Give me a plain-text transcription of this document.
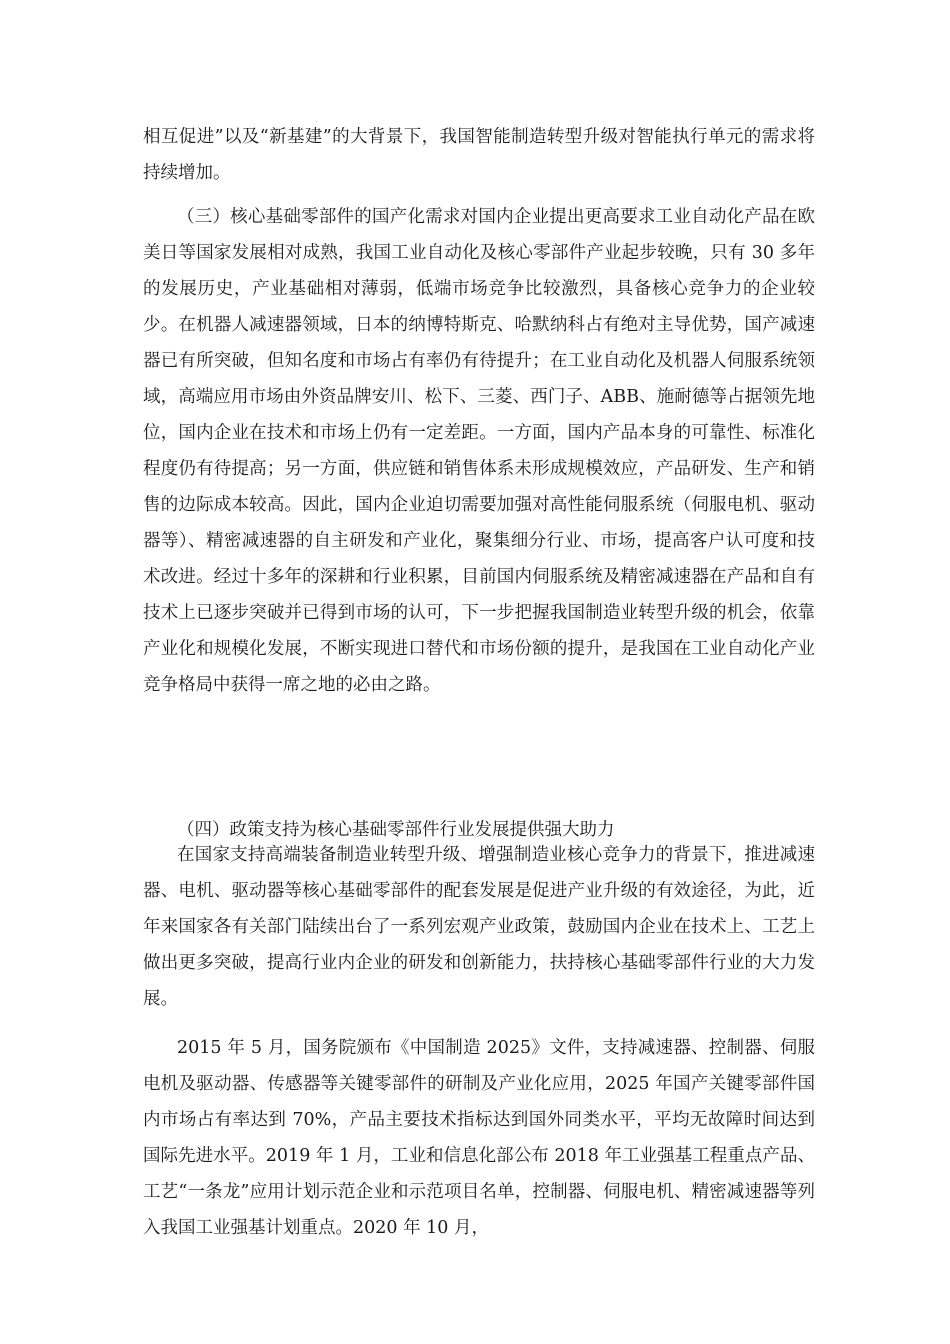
相互促进”以及“新基建”的大背景下，我国智能制造转型升级对智能执行单元的需求将持续增加。

（三）核心基础零部件的国产化需求对国内企业提出更高要求工业自动化产品在欧美日等国家发展相对成熟，我国工业自动化及核心零部件产业起步较晚，只有 30 多年的发展历史，产业基础相对薄弱，低端市场竞争比较激烈，具备核心竞争力的企业较少。在机器人减速器领域，日本的纳博特斯克、哈默纳科占有绝对主导优势，国产减速器已有所突破，但知名度和市场占有率仍有待提升；在工业自动化及机器人伺服系统领域，高端应用市场由外资品牌安川、松下、三菱、西门子、ABB、施耐德等占据领先地位，国内企业在技术和市场上仍有一定差距。一方面，国内产品本身的可靠性、标准化程度仍有待提高；另一方面，供应链和销售体系未形成规模效应，产品研发、生产和销售的边际成本较高。因此，国内企业迫切需要加强对高性能伺服系统（伺服电机、驱动器等）、精密减速器的自主研发和产业化，聚集细分行业、市场，提高客户认可度和技术改进。经过十多年的深耕和行业积累，目前国内伺服系统及精密减速器在产品和自有技术上已逐步突破并已得到市场的认可，下一步把握我国制造业转型升级的机会，依靠产业化和规模化发展，不断实现进口替代和市场份额的提升，是我国在工业自动化产业竞争格局中获得一席之地的必由之路。

（四）政策支持为核心基础零部件行业发展提供强大助力

在国家支持高端装备制造业转型升级、增强制造业核心竞争力的背景下，推进减速器、电机、驱动器等核心基础零部件的配套发展是促进产业升级的有效途径，为此，近年来国家各有关部门陆续出台了一系列宏观产业政策，鼓励国内企业在技术上、工艺上做出更多突破，提高行业内企业的研发和创新能力，扶持核心基础零部件行业的大力发展。

2015 年 5 月，国务院颁布《中国制造 2025》文件，支持减速器、控制器、伺服电机及驱动器、传感器等关键零部件的研制及产业化应用，2025 年国产关键零部件国内市场占有率达到 70%，产品主要技术指标达到国外同类水平，平均无故障时间达到国际先进水平。2019 年 1 月，工业和信息化部公布 2018 年工业强基工程重点产品、工艺“一条龙”应用计划示范企业和示范项目名单，控制器、伺服电机、精密减速器等列入我国工业强基计划重点。2020 年 10 月，
